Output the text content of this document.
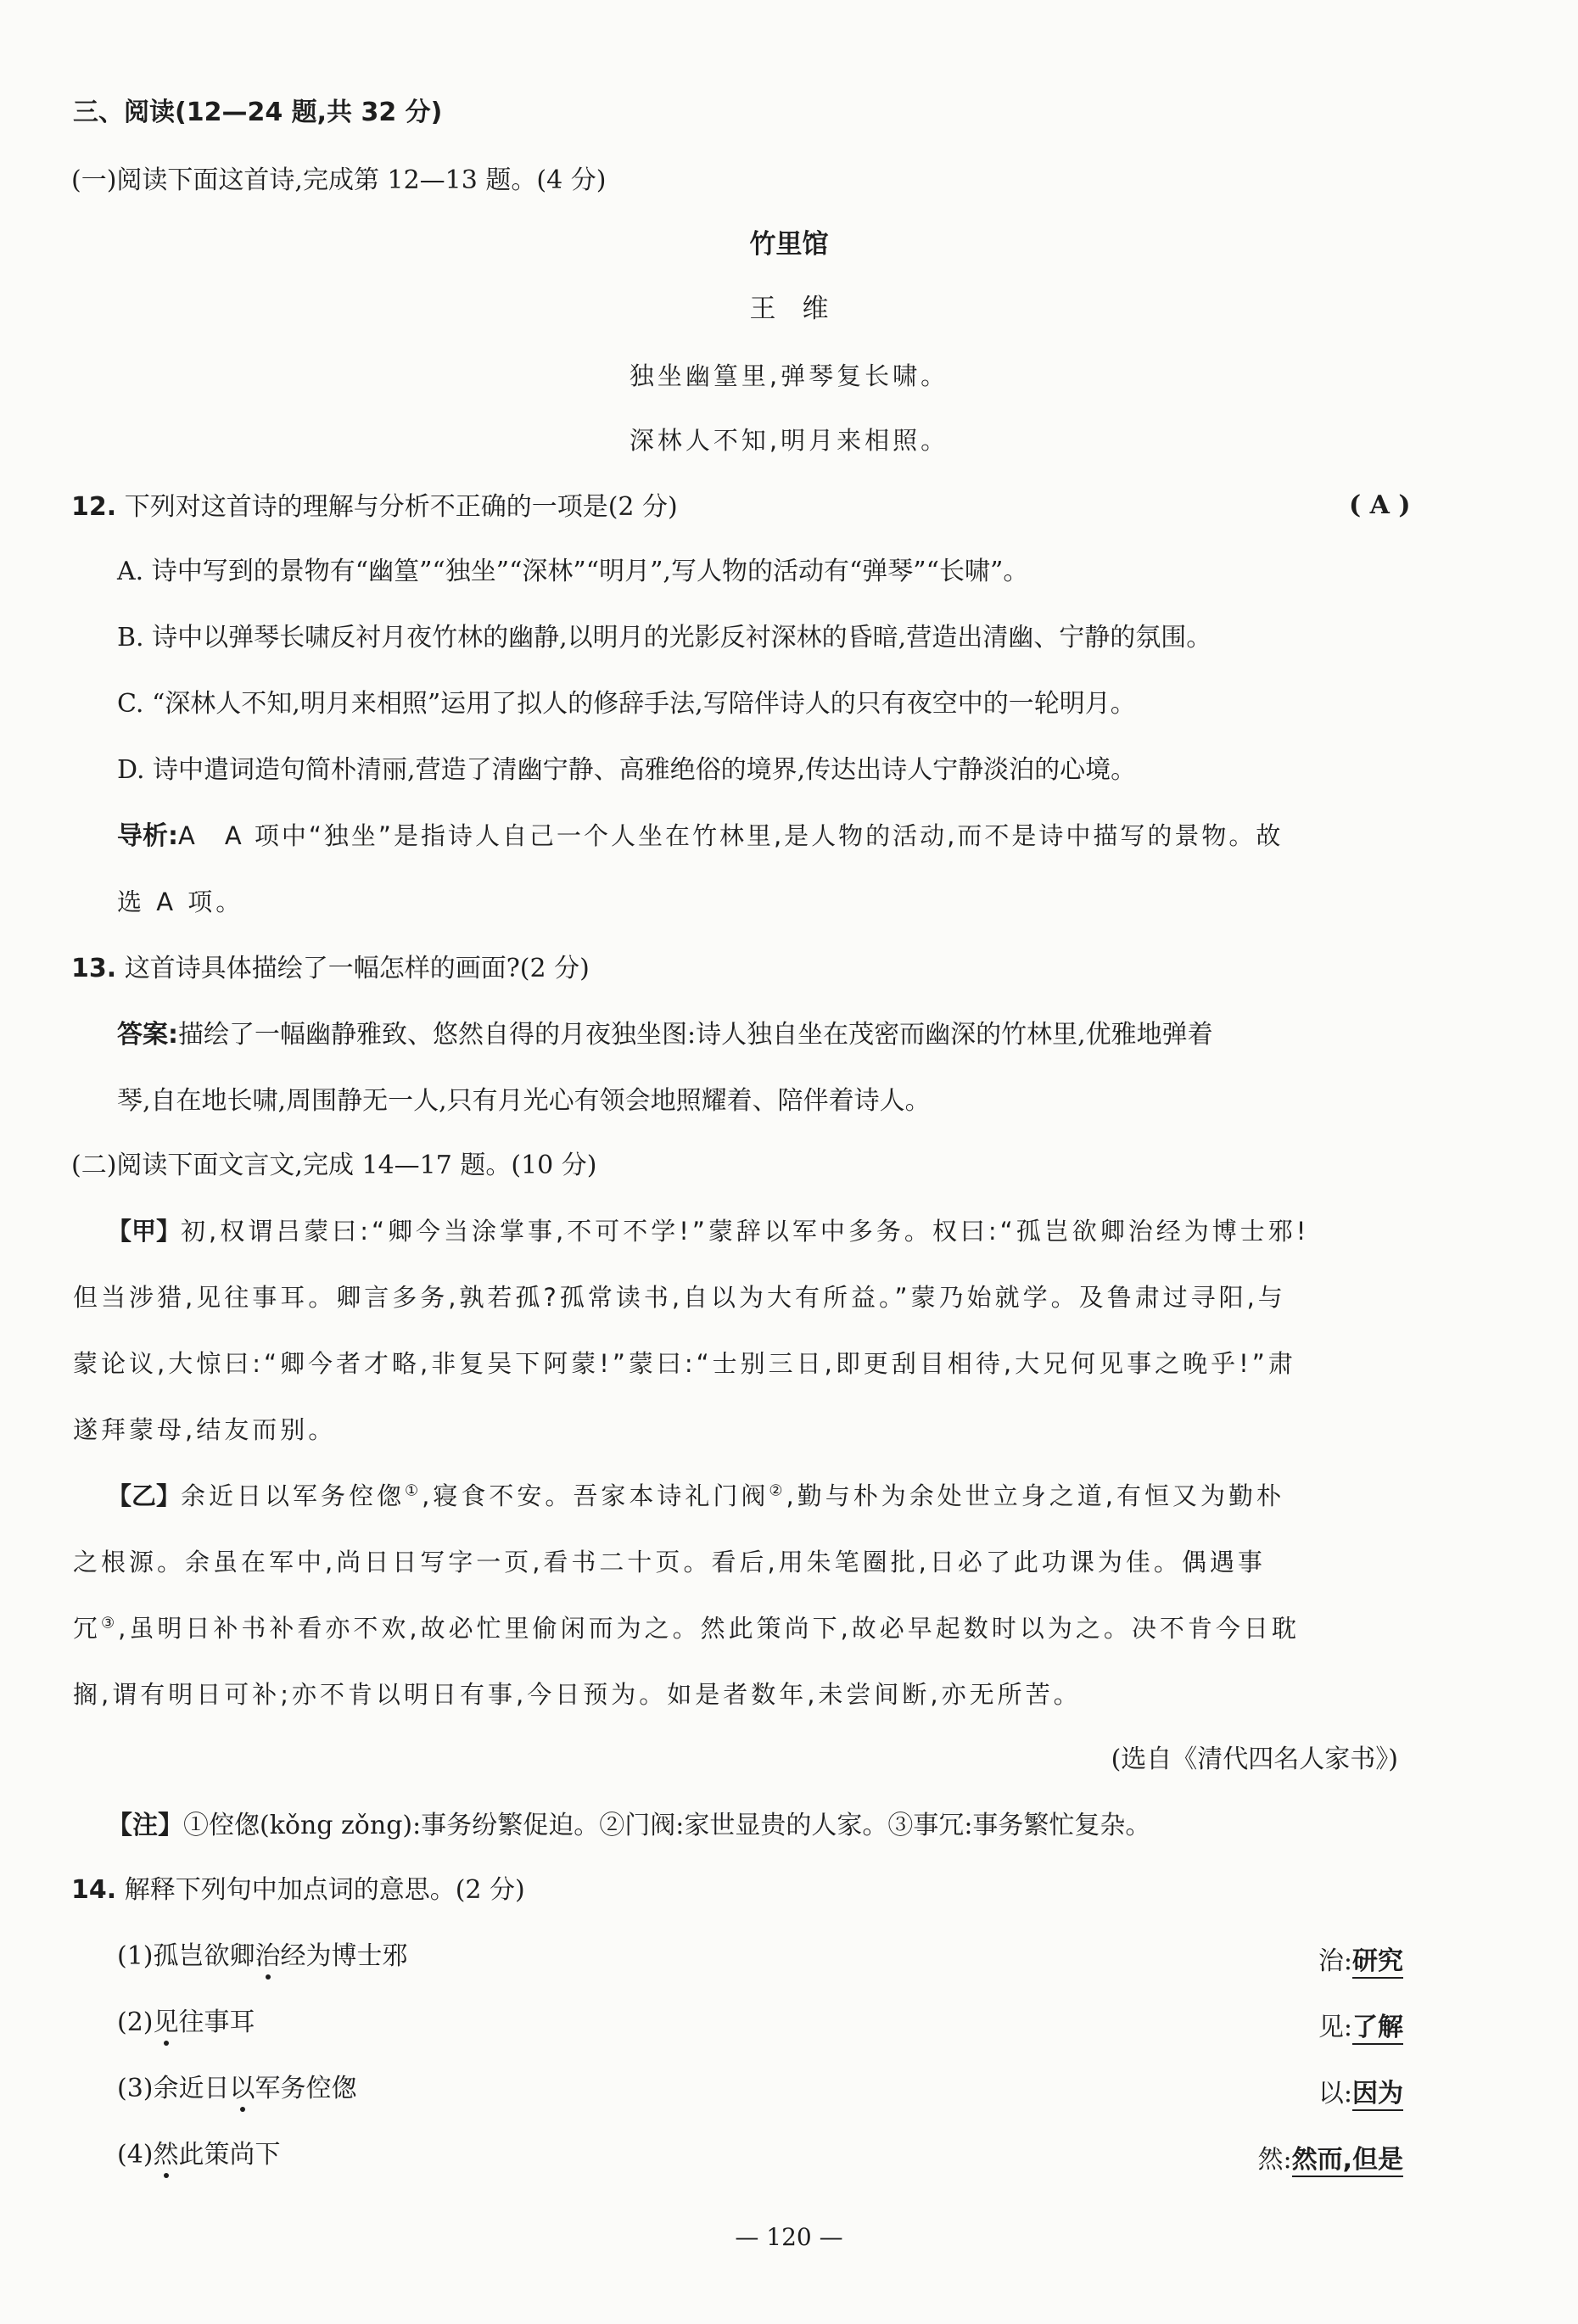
三、阅读(12—24 题,共 32 分)
(一)阅读下面这首诗,完成第 12—13 题。(4 分)
竹里馆
王　维
独坐幽篁里,弹琴复长啸。
深林人不知,明月来相照。
12. 下列对这首诗的理解与分析不正确的一项是(2 分)	( A )
A. 诗中写到的景物有“幽篁”“独坐”“深林”“明月”,写人物的活动有“弹琴”“长啸”。
B. 诗中以弹琴长啸反衬月夜竹林的幽静,以明月的光影反衬深林的昏暗,营造出清幽、宁静的氛围。
C. “深林人不知,明月来相照”运用了拟人的修辞手法,写陪伴诗人的只有夜空中的一轮明月。
D. 诗中遣词造句简朴清丽,营造了清幽宁静、高雅绝俗的境界,传达出诗人宁静淡泊的心境。
导析:A　A 项中“独坐”是指诗人自己一个人坐在竹林里,是人物的活动,而不是诗中描写的景物。故
选 A 项。
13. 这首诗具体描绘了一幅怎样的画面?(2 分)
答案:描绘了一幅幽静雅致、悠然自得的月夜独坐图:诗人独自坐在茂密而幽深的竹林里,优雅地弹着
琴,自在地长啸,周围静无一人,只有月光心有领会地照耀着、陪伴着诗人。
(二)阅读下面文言文,完成 14—17 题。(10 分)
【甲】初,权谓吕蒙曰:“卿今当涂掌事,不可不学!”蒙辞以军中多务。权曰:“孤岂欲卿治经为博士邪!
但当涉猎,见往事耳。卿言多务,孰若孤?孤常读书,自以为大有所益。”蒙乃始就学。及鲁肃过寻阳,与
蒙论议,大惊曰:“卿今者才略,非复吴下阿蒙!”蒙曰:“士别三日,即更刮目相待,大兄何见事之晚乎!”肃
遂拜蒙母,结友而别。
【乙】余近日以军务倥偬①,寝食不安。吾家本诗礼门阀②,勤与朴为余处世立身之道,有恒又为勤朴
之根源。余虽在军中,尚日日写字一页,看书二十页。看后,用朱笔圈批,日必了此功课为佳。偶遇事
冗③,虽明日补书补看亦不欢,故必忙里偷闲而为之。然此策尚下,故必早起数时以为之。决不肯今日耽
搁,谓有明日可补;亦不肯以明日有事,今日预为。如是者数年,未尝间断,亦无所苦。
(选自《清代四名人家书》)
【注】①倥偬(kǒng zǒng):事务纷繁促迫。②门阀:家世显贵的人家。③事冗:事务繁忙复杂。
14. 解释下列句中加点词的意思。(2 分)
(1)孤岂欲卿治经为博士邪	治:研究
(2)见往事耳	见:了解
(3)余近日以军务倥偬	以:因为
(4)然此策尚下	然:然而,但是
— 120 —
